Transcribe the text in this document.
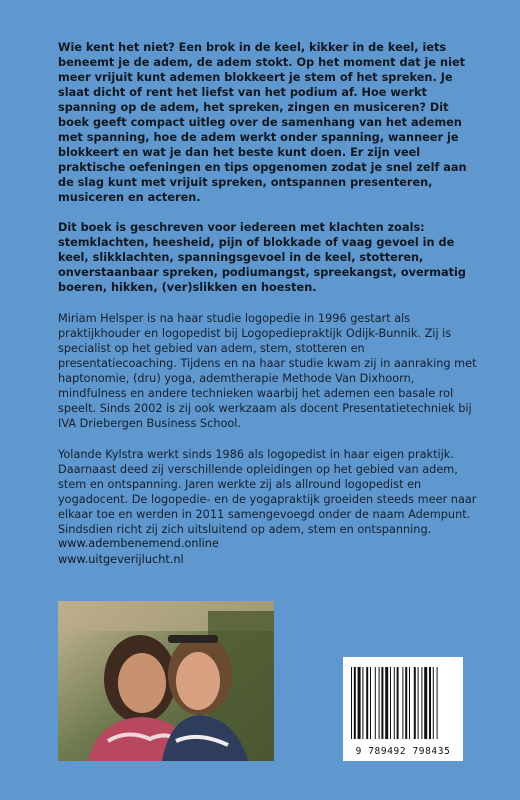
Wie kent het niet? Een brok in de keel, kikker in de keel, iets beneemt je de adem, de adem stokt. Op het moment dat je niet meer vrijuit kunt ademen blokkeert je stem of het spreken. Je slaat dicht of rent het liefst van het podium af. Hoe werkt spanning op de adem, het spreken, zingen en musiceren? Dit boek geeft compact uitleg over de samenhang van het ademen met spanning, hoe de adem werkt onder spanning, wanneer je blokkeert en wat je dan het beste kunt doen. Er zijn veel praktische oefeningen en tips opgenomen zodat je snel zelf aan de slag kunt met vrijuit spreken, ontspannen presenteren, musiceren en acteren.

Dit boek is geschreven voor iedereen met klachten zoals: stemklachten, heesheid, pijn of blokkade of vaag gevoel in de keel, slikklachten, spanningsgevoel in de keel, stotteren, onverstaanbaar spreken, podiumangst, spreekangst, overmatig boeren, hikken, (ver)slikken en hoesten.

Miriam Helsper is na haar studie logopedie in 1996 gestart als praktijkhouder en logopedist bij Logopediepraktijk Odijk-Bunnik. Zij is specialist op het gebied van adem, stem, stotteren en presentatiecoaching. Tijdens en na haar studie kwam zij in aanraking met haptonomie, (dru) yoga, ademtherapie Methode Van Dixhoorn, mindfulness en andere technieken waarbij het ademen een basale rol speelt. Sinds 2002 is zij ook werkzaam als docent Presentatietechniek bij IVA Driebergen Business School.

Yolande Kylstra werkt sinds 1986 als logopedist in haar eigen praktijk. Daarnaast deed zij verschillende opleidingen op het gebied van adem, stem en ontspanning. Jaren werkte zij als allround logopedist en yogadocent. De logopedie- en de yogapraktijk groeiden steeds meer naar elkaar toe en werden in 2011 samengevoegd onder de naam Adempunt. Sindsdien richt zij zich uitsluitend op adem, stem en ontspanning.

www.adembenemend.online
www.uitgeverijlucht.nl
9 789492 798435
